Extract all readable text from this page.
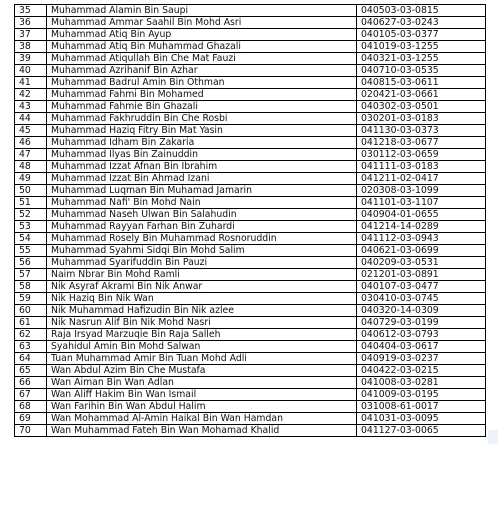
35	Muhammad Alamin Bin Saupi	040503-03-0815
36	Muhammad Ammar Saahil Bin Mohd Asri	040627-03-0243
37	Muhammad Atiq Bin Ayup	040105-03-0377
38	Muhammad Atiq Bin Muhammad Ghazali	041019-03-1255
39	Muhammad Atiqullah Bin Che Mat Fauzi	040321-03-1255
40	Muhammad Azrihanif Bin Azhar	040710-03-0535
41	Muhammad Badrul Amin Bin Othman	040815-03-0611
42	Muhammad Fahmi Bin Mohamed	020421-03-0661
43	Muhammad Fahmie Bin Ghazali	040302-03-0501
44	Muhammad Fakhruddin Bin Che Rosbi	030201-03-0183
45	Muhammad Haziq Fitry Bin Mat Yasin	041130-03-0373
46	Muhammad Idham Bin Zakaria	041218-03-0677
47	Muhammad Ilyas Bin Zainuddin	030112-03-0659
48	Muhammad Izzat Afnan Bin Ibrahim	041111-03-0183
49	Muhammad Izzat Bin Ahmad Izani	041211-02-0417
50	Muhammad Luqman Bin Muhamad Jamarin	020308-03-1099
51	Muhammad Nafi' Bin Mohd Nain	041101-03-1107
52	Muhammad Naseh Ulwan Bin Salahudin	040904-01-0655
53	Muhammad Rayyan Farhan Bin Zuhardi	041214-14-0289
54	Muhammad Rosely Bin Muhammad Rosnoruddin	041112-03-0943
55	Muhammad Syahmi Sidqi Bin Mohd Salim	040621-03-0699
56	Muhammad Syarifuddin Bin Pauzi	040209-03-0531
57	Naim Nbrar Bin Mohd Ramli	021201-03-0891
58	Nik Asyraf Akrami Bin Nik Anwar	040107-03-0477
59	Nik Haziq Bin Nik Wan	030410-03-0745
60	Nik Muhammad Hafizudin Bin Nik azlee	040320-14-0309
61	Nik Nasrun Alif Bin Nik Mohd Nasri	040729-03-0199
62	Raja Irsyad Marzuqie Bin Raja Salleh	040612-03-0793
63	Syahidul Amin Bin Mohd Salwan	040404-03-0617
64	Tuan Muhammad Amir Bin Tuan Mohd Adli	040919-03-0237
65	Wan Abdul Azim Bin Che Mustafa	040422-03-0215
66	Wan Aiman Bin Wan Adlan	041008-03-0281
67	Wan Aliff Hakim Bin Wan Ismail	041009-03-0195
68	Wan Farihin Bin Wan Abdul Halim	031008-61-0017
69	Wan Mohammad Al-Amin Haikal Bin Wan Hamdan	041031-03-0095
70	Wan Muhammad Fateh Bin Wan Mohamad Khalid	041127-03-0065
